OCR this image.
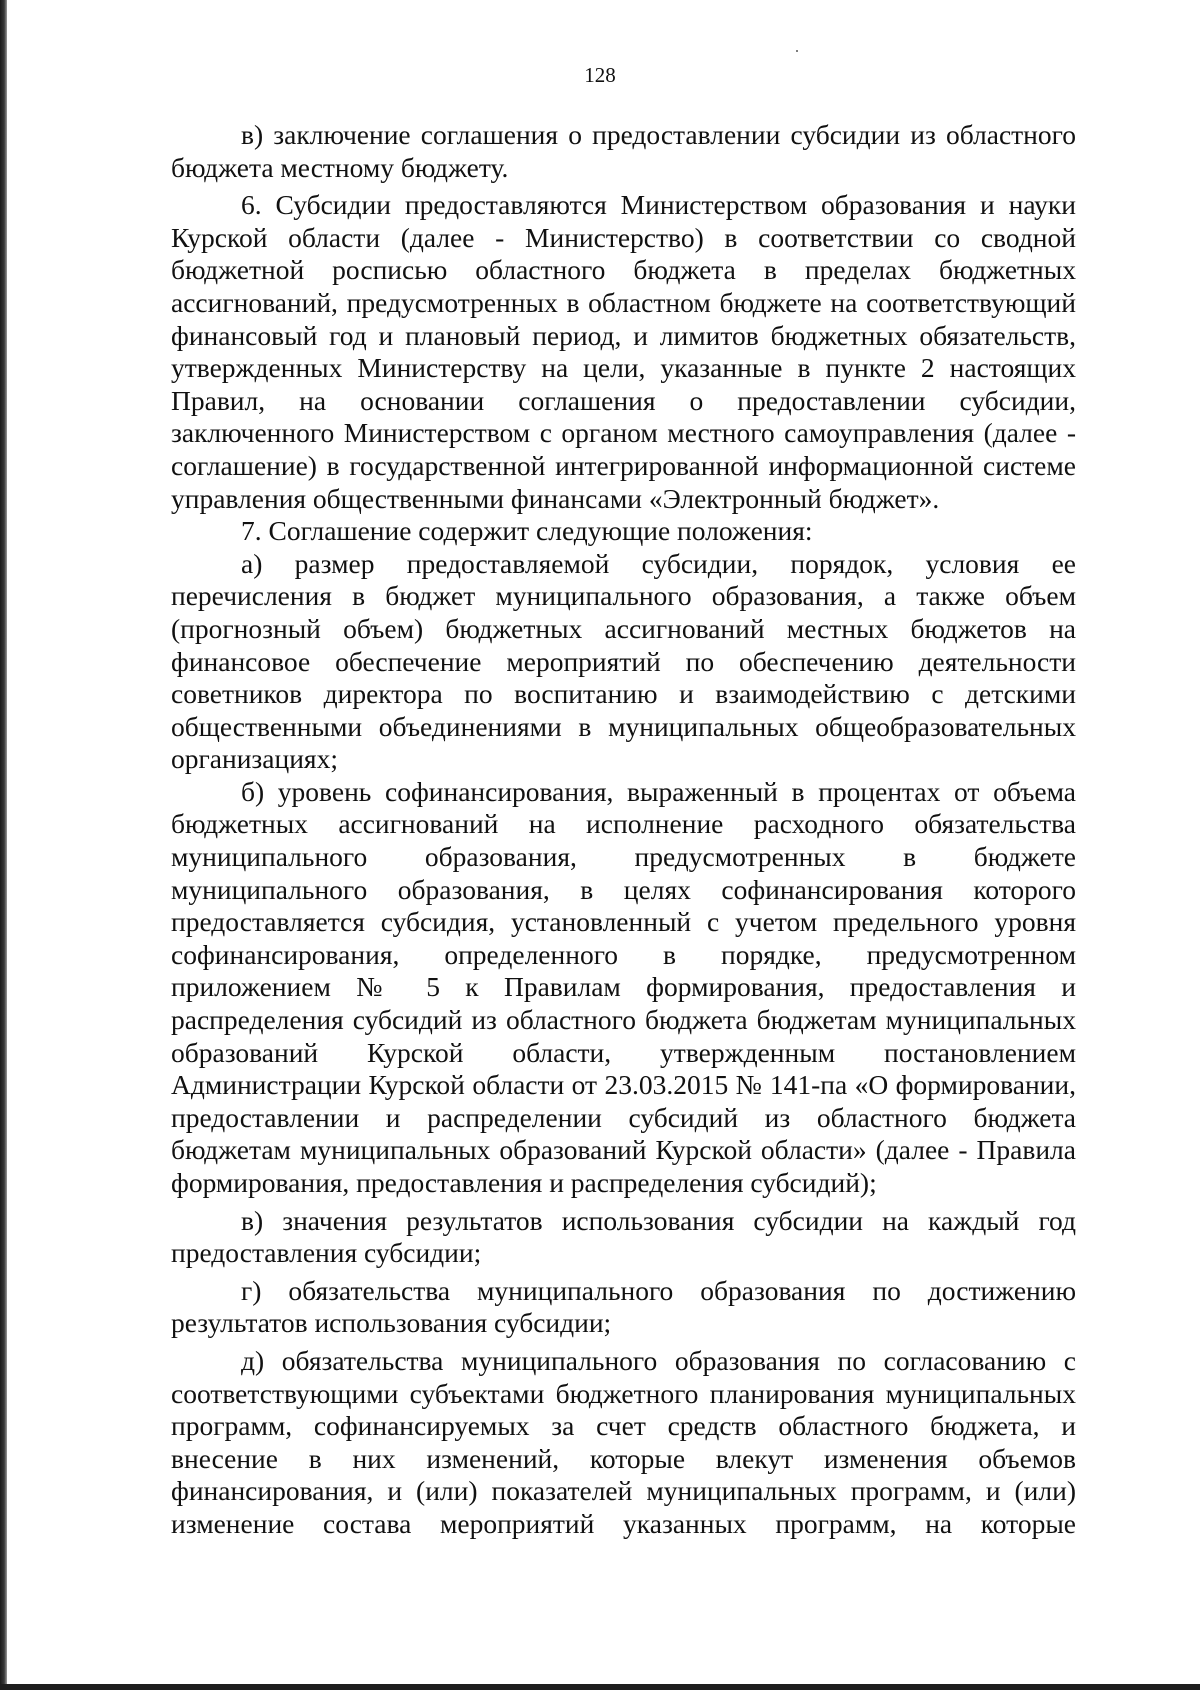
128

в) заключение соглашения о предоставлении субсидии из областного бюджета местному бюджету.

6. Субсидии предоставляются Министерством образования и науки Курской области (далее - Министерство) в соответствии со сводной бюджетной росписью областного бюджета в пределах бюджетных ассигнований, предусмотренных в областном бюджете на соответствующий финансовый год и плановый период, и лимитов бюджетных обязательств, утвержденных Министерству на цели, указанные в пункте 2 настоящих Правил, на основании соглашения о предоставлении субсидии, заключенного Министерством с органом местного самоуправления (далее - соглашение) в государственной интегрированной информационной системе управления общественными финансами «Электронный бюджет».

7. Соглашение содержит следующие положения:

а) размер предоставляемой субсидии, порядок, условия ее перечисления в бюджет муниципального образования, а также объем (прогнозный объем) бюджетных ассигнований местных бюджетов на финансовое обеспечение мероприятий по обеспечению деятельности советников директора по воспитанию и взаимодействию с детскими общественными объединениями в муниципальных общеобразовательных организациях;

б) уровень софинансирования, выраженный в процентах от объема бюджетных ассигнований на исполнение расходного обязательства муниципального образования, предусмотренных в бюджете муниципального образования, в целях софинансирования которого предоставляется субсидия, установленный с учетом предельного уровня софинансирования, определенного в порядке, предусмотренном приложением № 5 к Правилам формирования, предоставления и распределения субсидий из областного бюджета бюджетам муниципальных образований Курской области, утвержденным постановлением Администрации Курской области от 23.03.2015 № 141-па «О формировании, предоставлении и распределении субсидий из областного бюджета бюджетам муниципальных образований Курской области» (далее - Правила формирования, предоставления и распределения субсидий);

в) значения результатов использования субсидии на каждый год предоставления субсидии;

г) обязательства муниципального образования по достижению результатов использования субсидии;

д) обязательства муниципального образования по согласованию с соответствующими субъектами бюджетного планирования муниципальных программ, софинансируемых за счет средств областного бюджета, и внесение в них изменений, которые влекут изменения объемов финансирования, и (или) показателей муниципальных программ, и (или) изменение состава мероприятий указанных программ, на которые
